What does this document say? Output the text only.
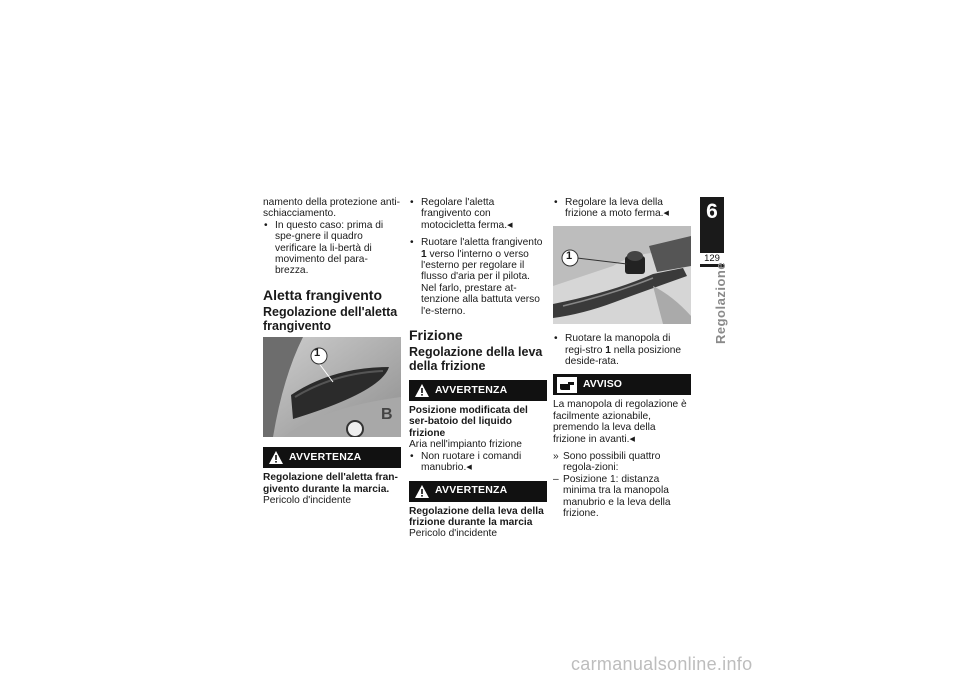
namento della protezione anti-schiacciamento.

• In questo caso: prima di spe-gnere il quadro verificare la li-bertà di movimento del para-brezza.

Aletta frangivento
Regolazione dell'aletta frangivento
B
1
AVVERTENZA

Regolazione dell'aletta fran-givento durante la marcia.

Pericolo d'incidente

• Regolare l'aletta frangivento con motocicletta ferma. ◀

• Ruotare l'aletta frangivento 1 verso l'interno o verso l'esterno per regolare il flusso d'aria per il pilota. Nel farlo, prestare at-tenzione alla battuta verso l'e-sterno.

Frizione
Regolazione della leva della frizione
AVVERTENZA

Posizione modificata del ser-batoio del liquido frizione

Aria nell'impianto frizione

• Non ruotare i comandi manubrio. ◀

AVVERTENZA

Regolazione della leva della frizione durante la marcia

Pericolo d'incidente

• Regolare la leva della frizione a moto ferma. ◀

1

• Ruotare la manopola di regi-stro 1 nella posizione deside-rata.

AVVISO

La manopola di regolazione è facilmente azionabile, premendo la leva della frizione in avanti. ◀

» Sono possibili quattro regola-zioni:

– Posizione 1: distanza minima tra la manopola manubrio e la leva della frizione.

6
129
Regolazione
carmanualsonline.info
